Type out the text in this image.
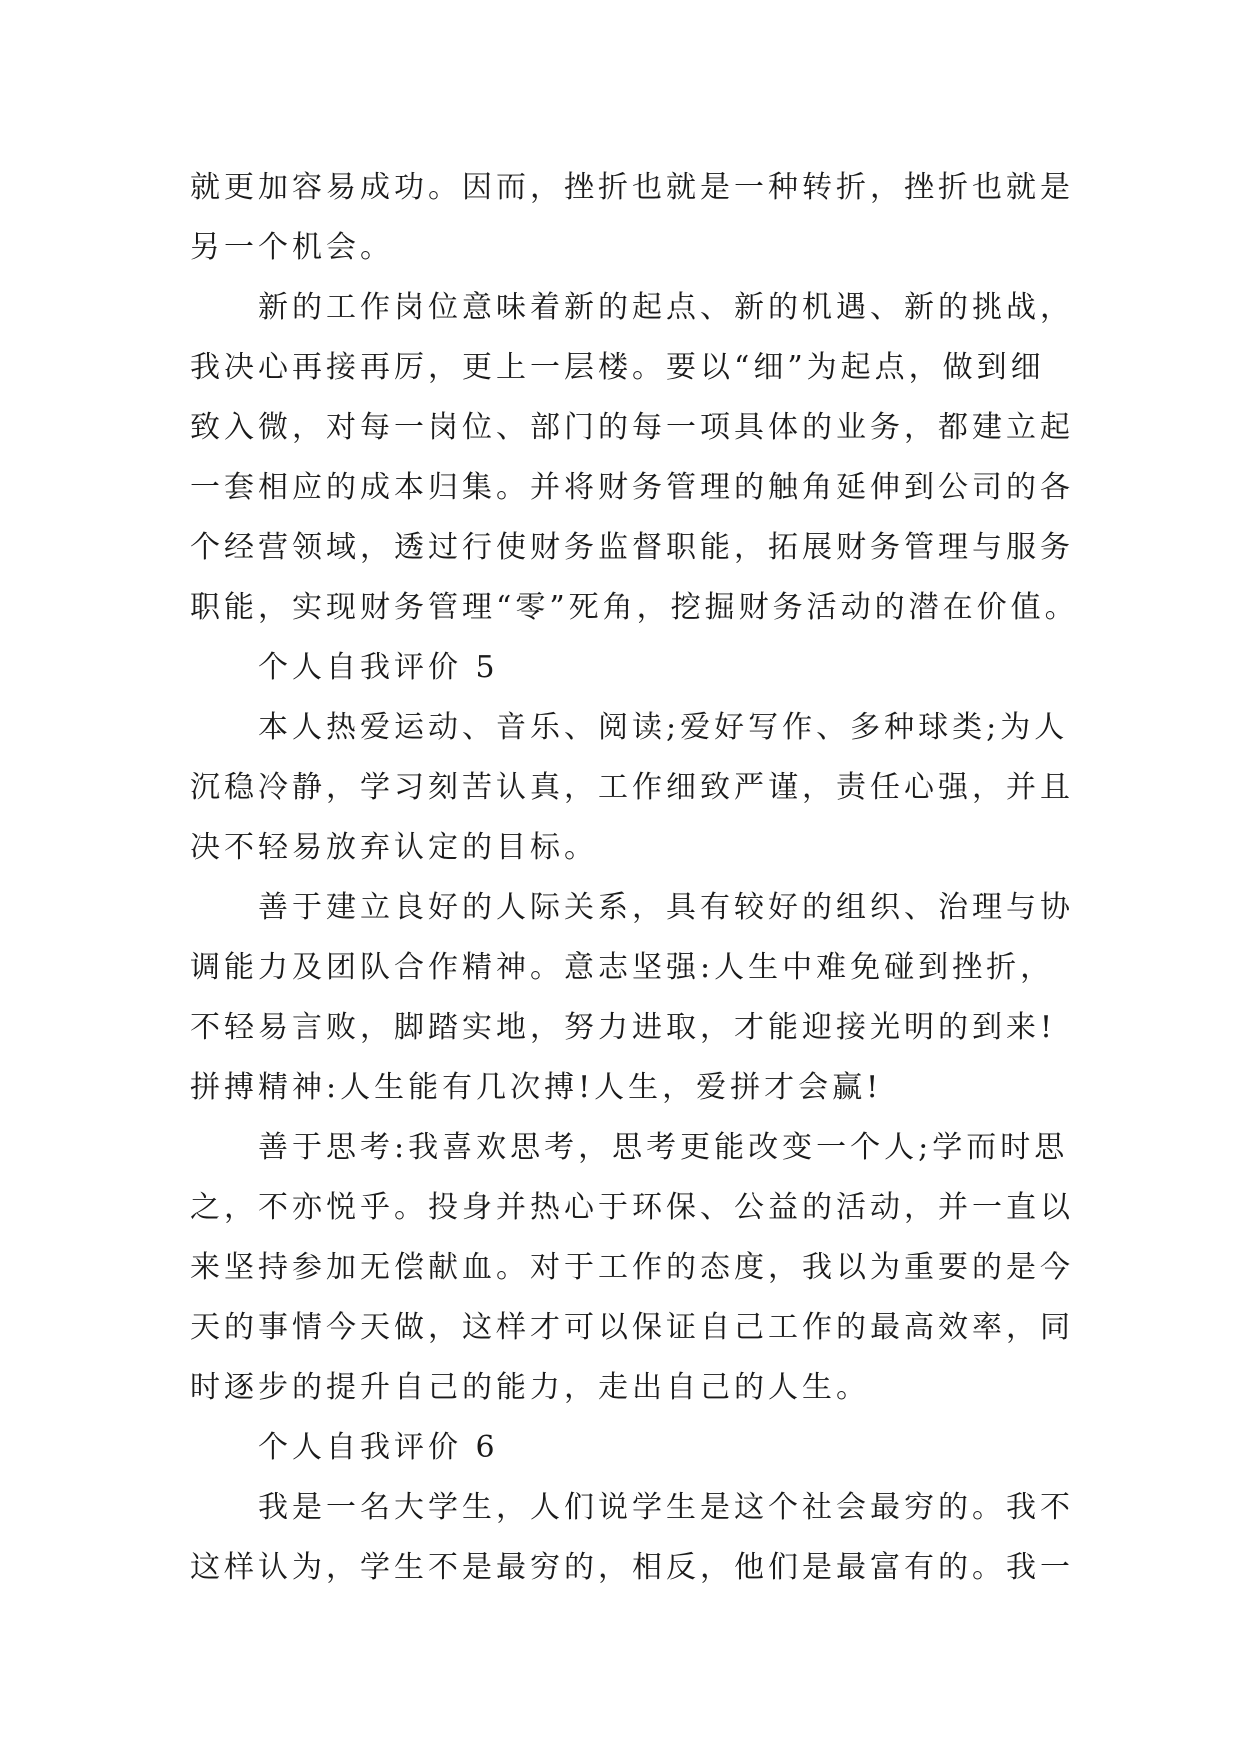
就更加容易成功。因而，挫折也就是一种转折，挫折也就是
另一个机会。
新的工作岗位意味着新的起点、新的机遇、新的挑战，
我决心再接再厉，更上一层楼。要以“细”为起点，做到细
致入微，对每一岗位、部门的每一项具体的业务，都建立起
一套相应的成本归集。并将财务管理的触角延伸到公司的各
个经营领域，透过行使财务监督职能，拓展财务管理与服务
职能，实现财务管理“零”死角，挖掘财务活动的潜在价值。
个人自我评价 5
本人热爱运动、音乐、阅读;爱好写作、多种球类;为人
沉稳冷静，学习刻苦认真，工作细致严谨，责任心强，并且
决不轻易放弃认定的目标。
善于建立良好的人际关系，具有较好的组织、治理与协
调能力及团队合作精神。意志坚强:人生中难免碰到挫折，
不轻易言败，脚踏实地，努力进取，才能迎接光明的到来!
拼搏精神:人生能有几次搏!人生，爱拼才会赢!
善于思考:我喜欢思考，思考更能改变一个人;学而时思
之，不亦悦乎。投身并热心于环保、公益的活动，并一直以
来坚持参加无偿献血。对于工作的态度，我以为重要的是今
天的事情今天做，这样才可以保证自己工作的最高效率，同
时逐步的提升自己的能力，走出自己的人生。
个人自我评价 6
我是一名大学生，人们说学生是这个社会最穷的。我不
这样认为，学生不是最穷的，相反，他们是最富有的。我一
